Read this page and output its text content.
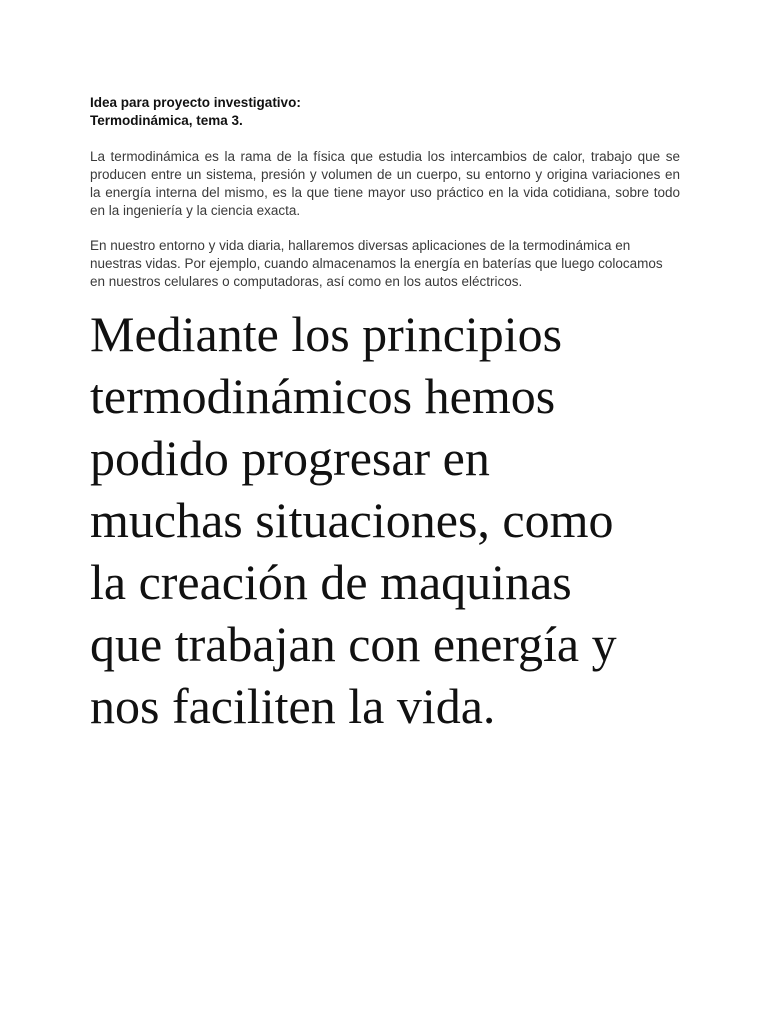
Idea para proyecto investigativo:
Termodinámica, tema 3.

La termodinámica es la rama de la física que estudia los intercambios de calor, trabajo que se producen entre un sistema, presión y volumen de un cuerpo, su entorno y origina variaciones en la energía interna del mismo, es la que tiene mayor uso práctico en la vida cotidiana, sobre todo en la ingeniería y la ciencia exacta.

En nuestro entorno y vida diaria, hallaremos diversas aplicaciones de la termodinámica en nuestras vidas. Por ejemplo, cuando almacenamos la energía en baterías que luego colocamos en nuestros celulares o computadoras, así como en los autos eléctricos.

Mediante los principios termodinámicos hemos podido progresar en muchas situaciones, como la creación de maquinas que trabajan con energía y nos faciliten la vida.
